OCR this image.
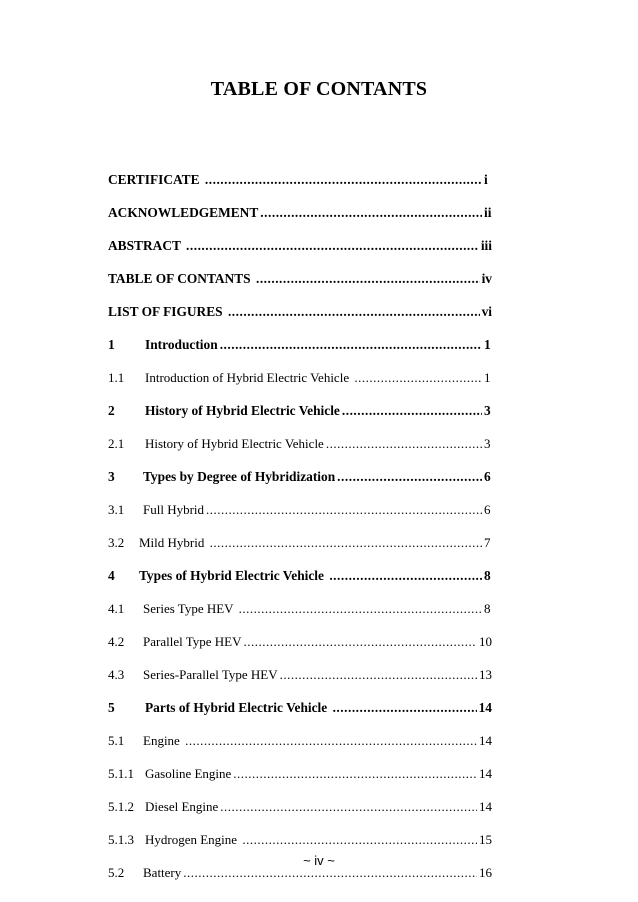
TABLE OF CONTANTS
CERTIFICATE .....	i
ACKNOWLEDGEMENT .....	ii
ABSTRACT .....	iii
TABLE OF CONTANTS .....	iv
LIST OF FIGURES .....	vi
1	Introduction .....	1
1.1	Introduction of Hybrid Electric Vehicle .....	1
2	History of Hybrid Electric Vehicle .....	3
2.1	History of Hybrid Electric Vehicle .....	3
3	Types by Degree of Hybridization .....	6
3.1	Full Hybrid .....	6
3.2	Mild Hybrid .....	7
4	Types of Hybrid Electric Vehicle .....	8
4.1	Series Type HEV .....	8
4.2	Parallel Type HEV .....	10
4.3	Series-Parallel Type HEV .....	13
5	Parts of Hybrid Electric Vehicle .....	14
5.1	Engine .....	14
5.1.1 Gasoline Engine .....	14
5.1.2 Diesel Engine .....	14
5.1.3 Hydrogen Engine .....	15
5.2	Battery .....	16
~ iv ~
